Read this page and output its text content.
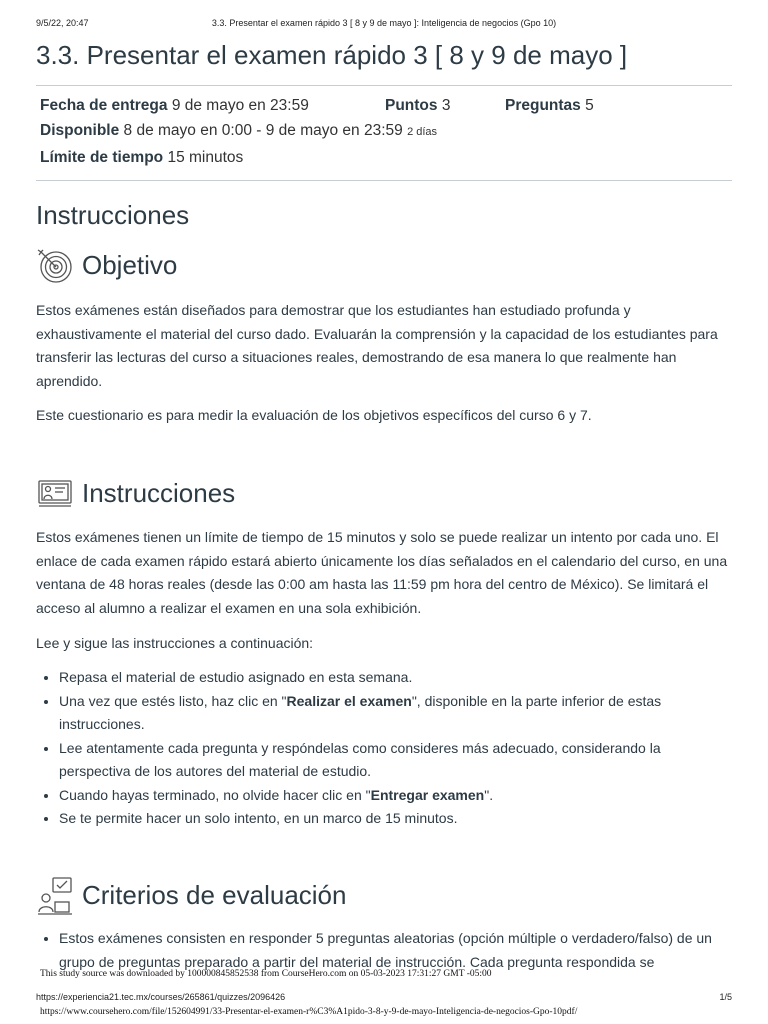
9/5/22, 20:47	3.3. Presentar el examen rápido 3 [ 8 y 9 de mayo ]: Inteligencia de negocios (Gpo 10)
3.3. Presentar el examen rápido 3 [ 8 y 9 de mayo ]
Fecha de entrega 9 de mayo en 23:59	Puntos 3	Preguntas 5
Disponible 8 de mayo en 0:00 - 9 de mayo en 23:59 2 días
Límite de tiempo 15 minutos
Instrucciones
Objetivo

Estos exámenes están diseñados para demostrar que los estudiantes han estudiado profunda y exhaustivamente el material del curso dado. Evaluarán la comprensión y la capacidad de los estudiantes para transferir las lecturas del curso a situaciones reales, demostrando de esa manera lo que realmente han aprendido.

Este cuestionario es para medir la evaluación de los objetivos específicos del curso 6 y 7.

Instrucciones

Estos exámenes tienen un límite de tiempo de 15 minutos y solo se puede realizar un intento por cada uno. El enlace de cada examen rápido estará abierto únicamente los días señalados en el calendario del curso, en una ventana de 48 horas reales (desde las 0:00 am hasta las 11:59 pm hora del centro de México). Se limitará el acceso al alumno a realizar el examen en una sola exhibición.

Lee y sigue las instrucciones a continuación:

• Repasa el material de estudio asignado en esta semana.
• Una vez que estés listo, haz clic en "Realizar el examen", disponible en la parte inferior de estas instrucciones.
• Lee atentamente cada pregunta y respóndelas como consideres más adecuado, considerando la perspectiva de los autores del material de estudio.
• Cuando hayas terminado, no olvide hacer clic en "Entregar examen".
• Se te permite hacer un solo intento, en un marco de 15 minutos.
Criterios de evaluación
• Estos exámenes consisten en responder 5 preguntas aleatorias (opción múltiple o verdadero/falso) de un grupo de preguntas preparado a partir del material de instrucción. Cada pregunta respondida se
This study source was downloaded by 100000845852538 from CourseHero.com on 05-03-2023 17:31:27 GMT -05:00
https://experiencia21.tec.mx/courses/265861/quizzes/2096426	1/5
https://www.coursehero.com/file/152604991/33-Presentar-el-examen-r%C3%A1pido-3-8-y-9-de-mayo-Inteligencia-de-negocios-Gpo-10pdf/
